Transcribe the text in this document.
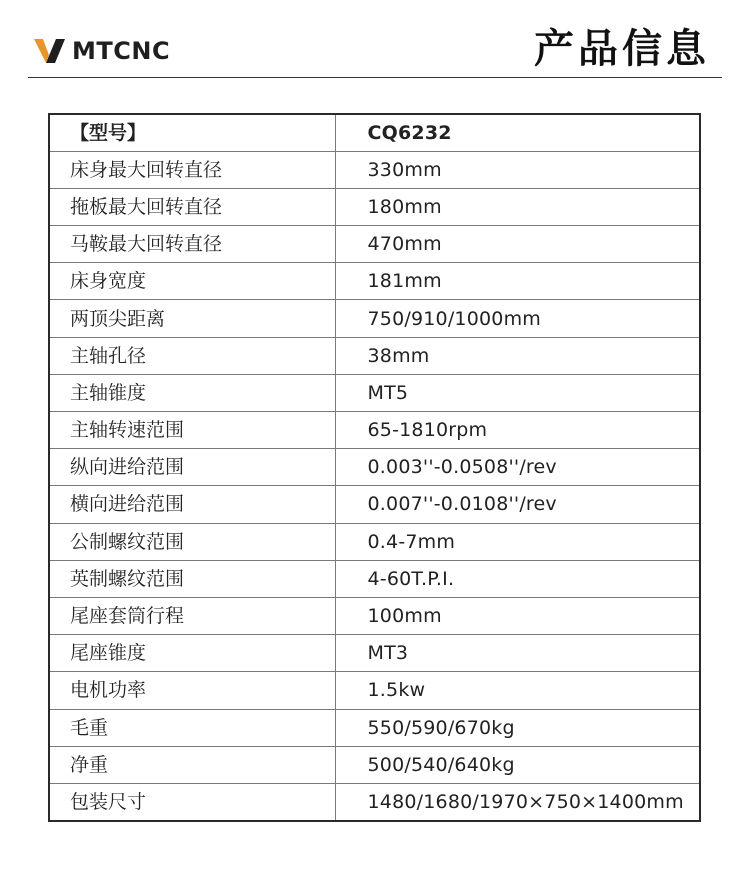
MTCNC	产品信息
【型号】	CQ6232
床身最大回转直径	330mm
拖板最大回转直径	180mm
马鞍最大回转直径	470mm
床身宽度	181mm
两顶尖距离	750/910/1000mm
主轴孔径	38mm
主轴锥度	MT5
主轴转速范围	65-1810rpm
纵向进给范围	0.003''-0.0508''/rev
横向进给范围	0.007''-0.0108''/rev
公制螺纹范围	0.4-7mm
英制螺纹范围	4-60T.P.I.
尾座套筒行程	100mm
尾座锥度	MT3
电机功率	1.5kw
毛重	550/590/670kg
净重	500/540/640kg
包装尺寸	1480/1680/1970×750×1400mm
